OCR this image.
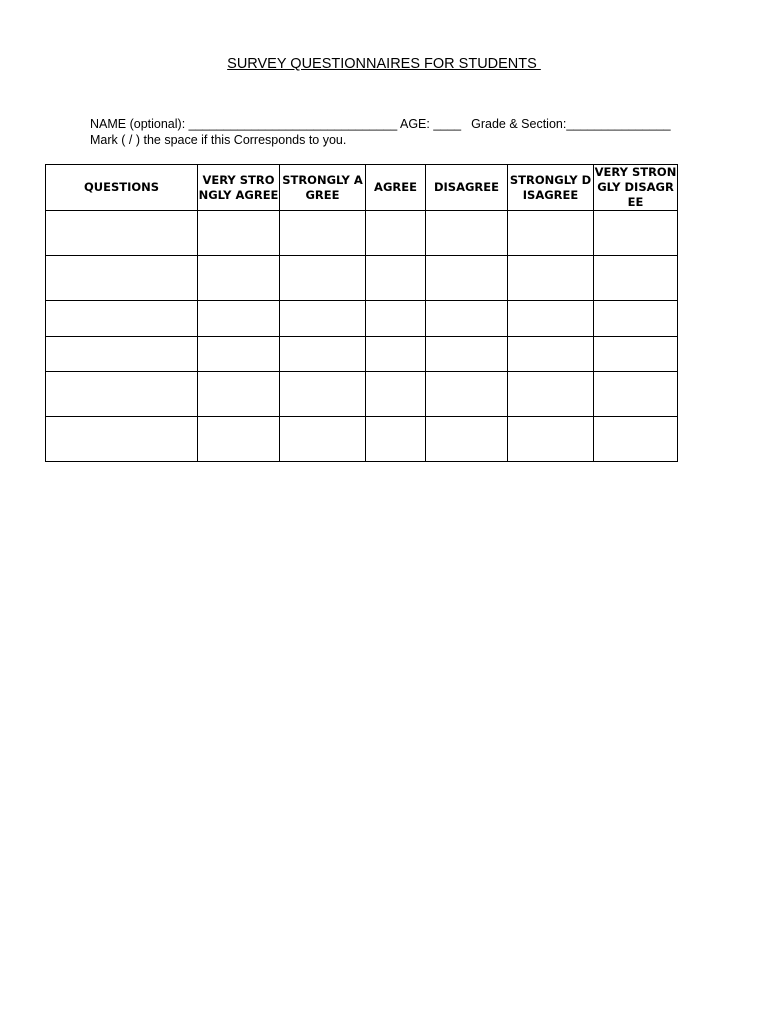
SURVEY QUESTIONNAIRES FOR STUDENTS
NAME (optional): ______________________________ AGE: ____ Grade & Section:_______________
Mark ( / ) the space if this Corresponds to you.
QUESTIONS	VERY STRONGLY AGREE	STRONGLY AGREE	AGREE	DISAGREE	STRONGLY DISAGREE	VERY STRONGLY DISAGREE
